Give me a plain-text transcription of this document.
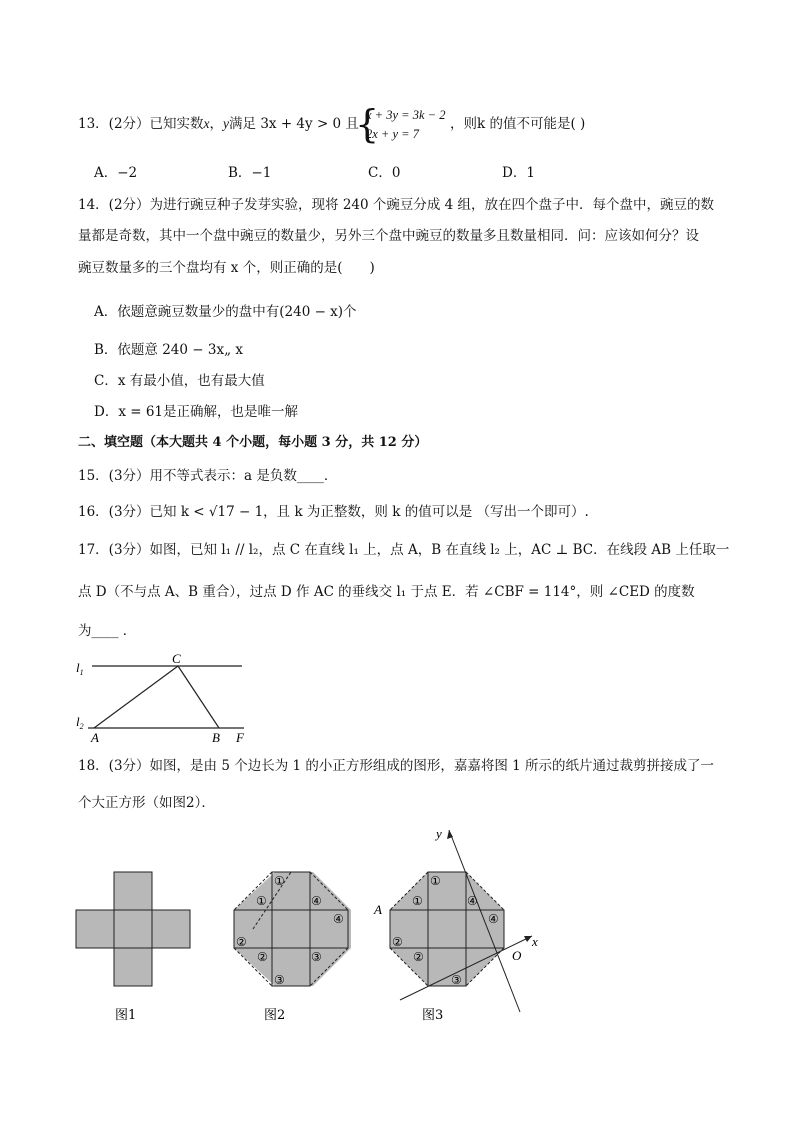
13．(2分）已知实数x，y满足 3x + 4y > 0 且
{
x + 3y = 3k − 2
2x + y = 7
，则k 的值不可能是( )
A．−2	B．−1	C．0	D．1
14．(2分）为进行豌豆种子发芽实验，现将 240 个豌豆分成 4 组，放在四个盘子中．每个盘中，豌豆的数
量都是奇数，其中一个盘中豌豆的数量少，另外三个盘中豌豆的数量多且数量相同．问：应该如何分？设
豌豆数量多的三个盘均有 x 个，则正确的是(　　)
A．依题意豌豆数量少的盘中有(240 − x)个
B．依题意 240 − 3x„ x
C．x 有最小值，也有最大值
D．x = 61是正确解，也是唯一解
二、填空题（本大题共 4 个小题，每小题 3 分，共 12 分）
15．(3分）用不等式表示：a 是负数____．
16．(3分）已知 k < √17 − 1，且 k 为正整数，则 k 的值可以是 （写出一个即可）.
17．(3分）如图，已知 l₁ // l₂，点 C 在直线 l₁ 上，点 A，B 在直线 l₂ 上，AC ⊥ BC．在线段 AB 上任取一
点 D（不与点 A、B 重合），过点 D 作 AC 的垂线交 l₁ 于点 E．若 ∠CBF = 114°，则 ∠CED 的度数
为____ ．
$l_1$
$l_2$
C
A	B F
18．(3分）如图，是由 5 个边长为 1 的小正方形组成的图形，嘉嘉将图 1 所示的纸片通过裁剪拼接成了一
个大正方形（如图2）．
图1
①
①
②
②
③
③
④
④
图2
①
①
②
②
③
④
④
A
O
x
y
图3
